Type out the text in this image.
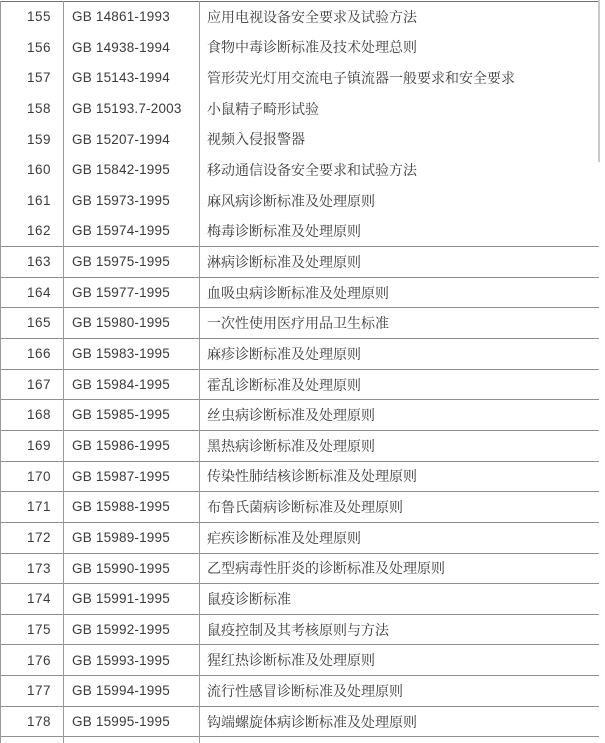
155	GB 14861-1993	应用电视设备安全要求及试验方法
156	GB 14938-1994	食物中毒诊断标准及技术处理总则
157	GB 15143-1994	管形荧光灯用交流电子镇流器一般要求和安全要求
158	GB 15193.7-2003	小鼠精子畸形试验
159	GB 15207-1994	视频入侵报警器
160	GB 15842-1995	移动通信设备安全要求和试验方法
161	GB 15973-1995	麻风病诊断标准及处理原则
162	GB 15974-1995	梅毒诊断标准及处理原则
163	GB 15975-1995	淋病诊断标准及处理原则
164	GB 15977-1995	血吸虫病诊断标准及处理原则
165	GB 15980-1995	一次性使用医疗用品卫生标准
166	GB 15983-1995	麻疹诊断标准及处理原则
167	GB 15984-1995	霍乱诊断标准及处理原则
168	GB 15985-1995	丝虫病诊断标准及处理原则
169	GB 15986-1995	黑热病诊断标准及处理原则
170	GB 15987-1995	传染性肺结核诊断标准及处理原则
171	GB 15988-1995	布鲁氏菌病诊断标准及处理原则
172	GB 15989-1995	疟疾诊断标准及处理原则
173	GB 15990-1995	乙型病毒性肝炎的诊断标准及处理原则
174	GB 15991-1995	鼠疫诊断标准
175	GB 15992-1995	鼠疫控制及其考核原则与方法
176	GB 15993-1995	猩红热诊断标准及处理原则
177	GB 15994-1995	流行性感冒诊断标准及处理原则
178	GB 15995-1995	钩端螺旋体病诊断标准及处理原则
